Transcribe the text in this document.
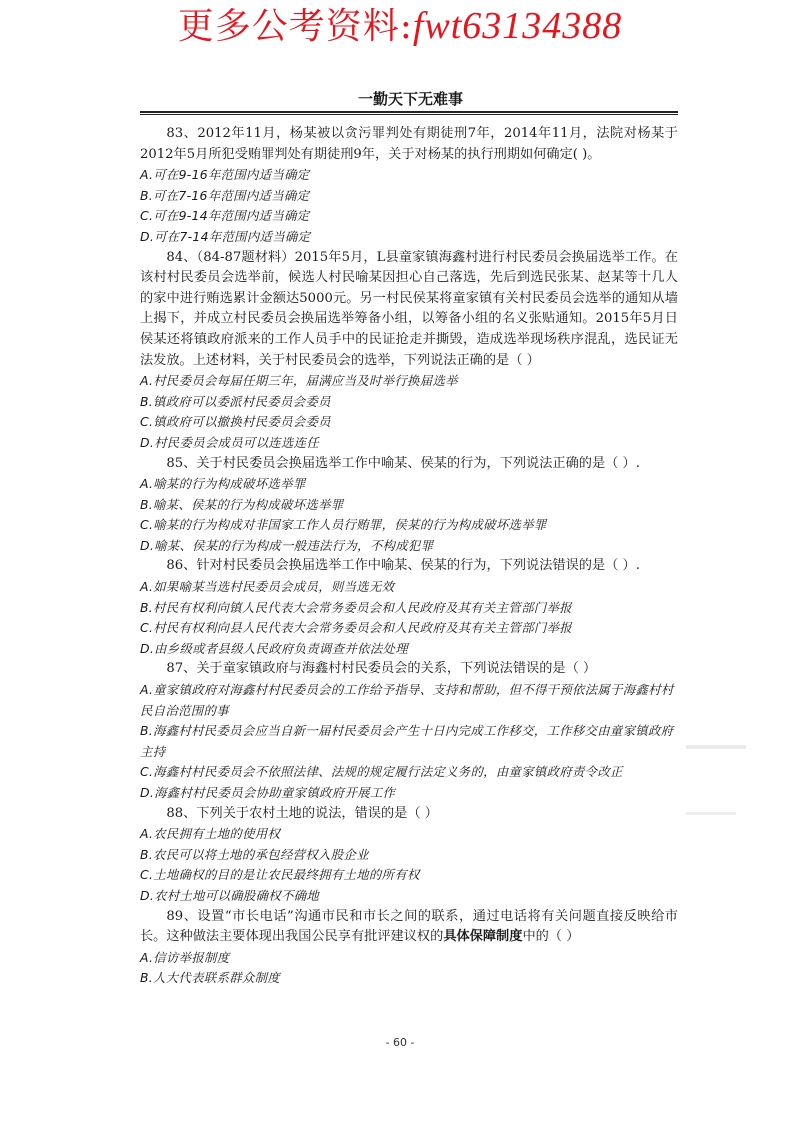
更多公考资料:fwt63134388
一勤天下无难事

83、2012年11月，杨某被以贪污罪判处有期徒刑7年，2014年11月，法院对杨某于2012年5月所犯受贿罪判处有期徒刑9年，关于对杨某的执行刑期如何确定( )。

A.可在9-16年范围内适当确定

B.可在7-16年范围内适当确定

C.可在9-14年范围内适当确定

D.可在7-14年范围内适当确定

84、（84-87题材料）2015年5月，L县童家镇海鑫村进行村民委员会换届选举工作。在该村村民委员会选举前，候选人村民喻某因担心自己落选，先后到选民张某、赵某等十几人的家中进行贿选累计金额达5000元。另一村民侯某将童家镇有关村民委员会选举的通知从墙上揭下，并成立村民委员会换届选举筹备小组，以筹备小组的名义张贴通知。2015年5月日侯某还将镇政府派来的工作人员手中的民证抢走并撕毁，造成选举现场秩序混乱，选民证无法发放。上述材料，关于村民委员会的选举，下列说法正确的是（ ）

A.村民委员会每届任期三年，届满应当及时举行换届选举

B.镇政府可以委派村民委员会委员

C.镇政府可以撤换村民委员会委员

D.村民委员会成员可以连选连任

85、关于村民委员会换届选举工作中喻某、侯某的行为，下列说法正确的是（ ）.

A.喻某的行为构成破坏选举罪

B.喻某、侯某的行为构成破坏选举罪

C.喻某的行为构成对非国家工作人员行贿罪，侯某的行为构成破坏选举罪

D.喻某、侯某的行为构成一般违法行为，不构成犯罪

86、针对村民委员会换届选举工作中喻某、侯某的行为，下列说法错误的是（ ）.

A.如果喻某当选村民委员会成员，则当选无效

B.村民有权利向镇人民代表大会常务委员会和人民政府及其有关主管部门举报

C.村民有权利向县人民代表大会常务委员会和人民政府及其有关主管部门举报

D.由乡级或者县级人民政府负责调查并依法处理

87、关于童家镇政府与海鑫村村民委员会的关系，下列说法错误的是（ ）

A.童家镇政府对海鑫村村民委员会的工作给予指导、支持和帮助，但不得干预依法属于海鑫村村民自治范围的事

B.海鑫村村民委员会应当自新一届村民委员会产生十日内完成工作移交，工作移交由童家镇政府主持

C.海鑫村村民委员会不依照法律、法规的规定履行法定义务的，由童家镇政府责令改正

D.海鑫村村民委员会协助童家镇政府开展工作

88、下列关于农村土地的说法，错误的是（ ）

A.农民拥有土地的使用权

B.农民可以将土地的承包经营权入股企业

C.土地确权的目的是让农民最终拥有土地的所有权

D.农村土地可以确股确权不确地

89、设置“市长电话”沟通市民和市长之间的联系，通过电话将有关问题直接反映给市长。这种做法主要体现出我国公民享有批评建议权的具体保障制度中的（ ）

A.信访举报制度

B.人大代表联系群众制度

- 60 -
